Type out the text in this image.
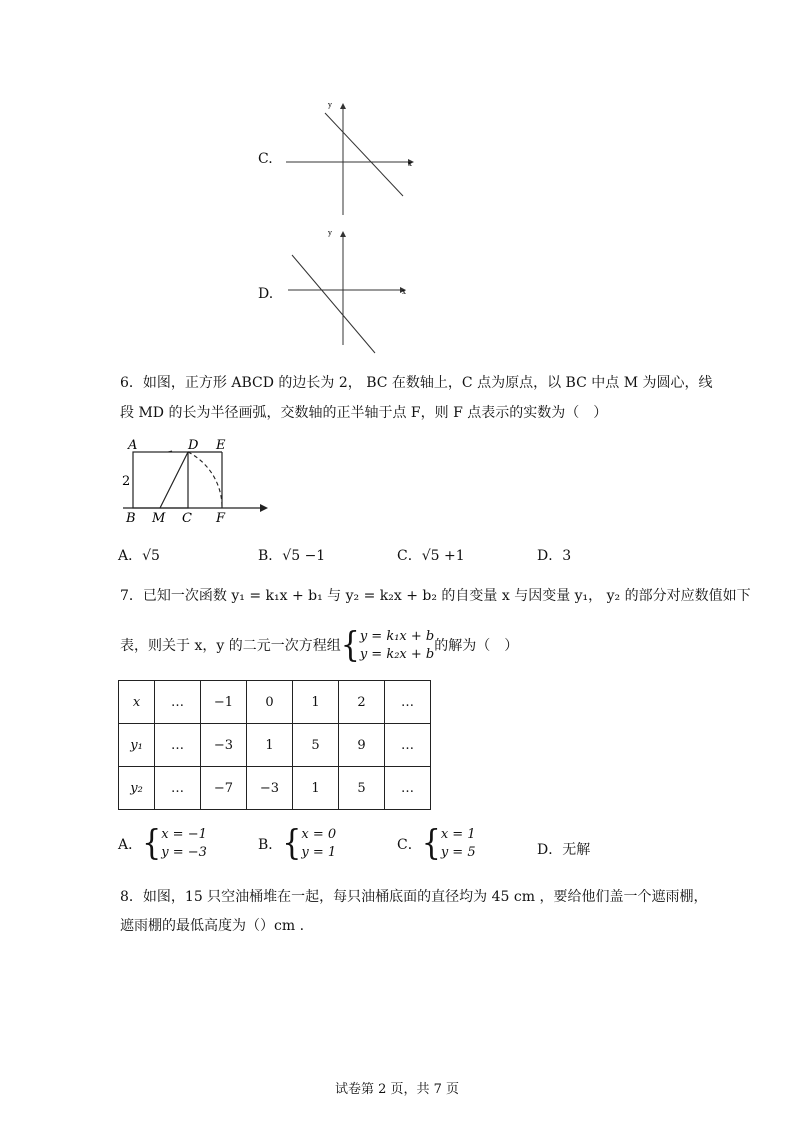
C.	x
y
D.	x
y
6．如图，正方形 ABCD 的边长为 2， BC 在数轴上，C 点为原点，以 BC 中点 M 为圆心，线
段 MD 的长为半径画弧，交数轴的正半轴于点 F，则 F 点表示的实数为（　）
A	D E
2
B M C F
A．√5	B．√5 −1	C．√5 +1	D．3
7．已知一次函数 y₁ = k₁x + b₁ 与 y₂ = k₂x + b₂ 的自变量 x 与因变量 y₁， y₂ 的部分对应数值如下
表，则关于 x，y 的二元一次方程组{y = k₁x + b
y = k₂x + b的解为（　）
x	…	−1	0	1	2	…
y₁	…	−3	1	5	9	…
y₂	…	−7	−3	1	5	…
A．{x = −1
y = −3	B．{x = 0
y = 1	C．{x = 1
y = 5	D．无解
8．如图，15 只空油桶堆在一起，每只油桶底面的直径均为 45 cm ，要给他们盖一个遮雨棚，
遮雨棚的最低高度为（）cm .
试卷第 2 页，共 7 页
